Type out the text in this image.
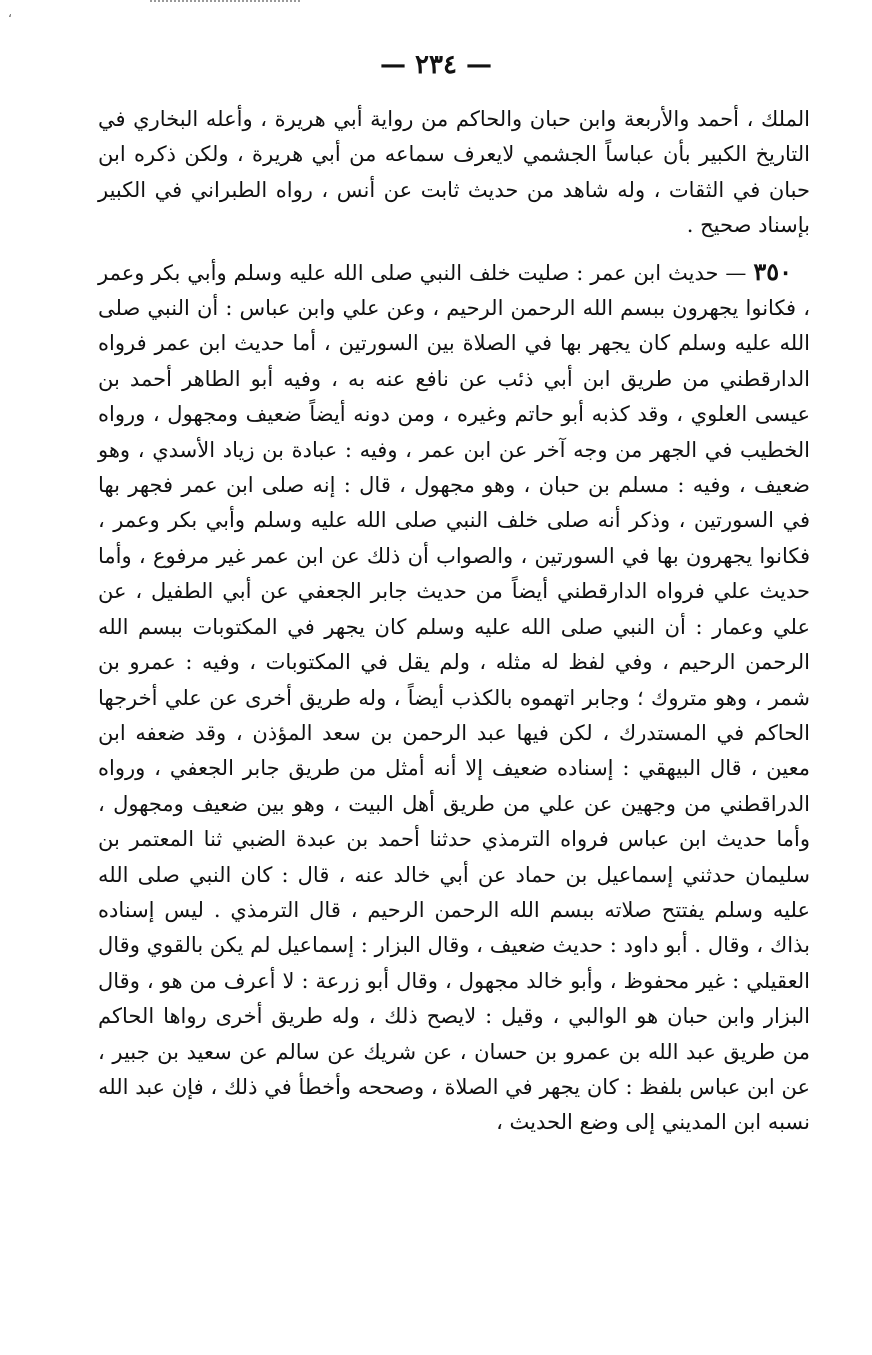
،
— ٢٣٤ —

الملك ، أحمد والأربعة وابن حبان والحاكم من رواية أبي هريرة ، وأعله البخاري في التاريخ الكبير بأن عباساً الجشمي لايعرف سماعه من أبي هريرة ، ولكن ذكره ابن حبان في الثقات ، وله شاهد من حديث ثابت عن أنس ، رواه الطبراني في الكبير بإسناد صحيح .

٣٥٠ — حديث ابن عمر : صليت خلف النبي صلى الله عليه وسلم وأبي بكر وعمر ، فكانوا يجهرون ببسم الله الرحمن الرحيم ، وعن علي وابن عباس : أن النبي صلى الله عليه وسلم كان يجهر بها في الصلاة بين السورتين ، أما حديث ابن عمر فرواه الدارقطني من طريق ابن أبي ذئب عن نافع عنه به ، وفيه أبو الطاهر أحمد بن عيسى العلوي ، وقد كذبه أبو حاتم وغيره ، ومن دونه أيضاً ضعيف ومجهول ، ورواه الخطيب في الجهر من وجه آخر عن ابن عمر ، وفيه : عبادة بن زياد الأسدي ، وهو ضعيف ، وفيه : مسلم بن حبان ، وهو مجهول ، قال : إنه صلى ابن عمر فجهر بها في السورتين ، وذكر أنه صلى خلف النبي صلى الله عليه وسلم وأبي بكر وعمر ، فكانوا يجهرون بها في السورتين ، والصواب أن ذلك عن ابن عمر غير مرفوع ، وأما حديث علي فرواه الدارقطني أيضاً من حديث جابر الجعفي عن أبي الطفيل ، عن علي وعمار : أن النبي صلى الله عليه وسلم كان يجهر في المكتوبات ببسم الله الرحمن الرحيم ، وفي لفظ له مثله ، ولم يقل في المكتوبات ، وفيه : عمرو بن شمر ، وهو متروك ؛ وجابر اتهموه بالكذب أيضاً ، وله طريق أخرى عن علي أخرجها الحاكم في المستدرك ، لكن فيها عبد الرحمن بن سعد المؤذن ، وقد ضعفه ابن معين ، قال البيهقي : إسناده ضعيف إلا أنه أمثل من طريق جابر الجعفي ، ورواه الدراقطني من وجهين عن علي من طريق أهل البيت ، وهو بين ضعيف ومجهول ، وأما حديث ابن عباس فرواه الترمذي حدثنا أحمد بن عبدة الضبي ثنا المعتمر بن سليمان حدثني إسماعيل بن حماد عن أبي خالد عنه ، قال : كان النبي صلى الله عليه وسلم يفتتح صلاته ببسم الله الرحمن الرحيم ، قال الترمذي . ليس إسناده بذاك ، وقال . أبو داود : حديث ضعيف ، وقال البزار : إسماعيل لم يكن بالقوي وقال العقيلي : غير محفوظ ، وأبو خالد مجهول ، وقال أبو زرعة : لا أعرف من هو ، وقال البزار وابن حبان هو الوالبي ، وقيل : لايصح ذلك ، وله طريق أخرى رواها الحاكم من طريق عبد الله بن عمرو بن حسان ، عن شريك عن سالم عن سعيد بن جبير ، عن ابن عباس بلفظ : كان يجهر في الصلاة ، وصححه وأخطأ في ذلك ، فإن عبد الله نسبه ابن المديني إلى وضع الحديث ،
